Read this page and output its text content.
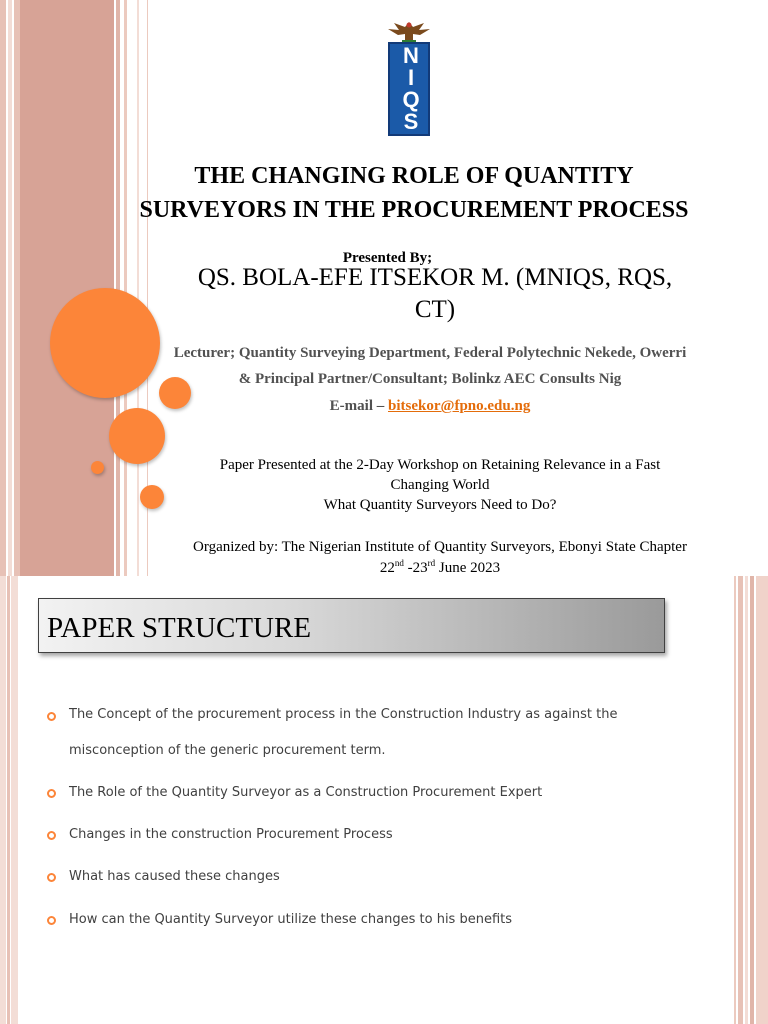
N
I
Q
S
THE CHANGING ROLE OF QUANTITY
SURVEYORS IN THE PROCUREMENT PROCESS
Presented By;
QS. BOLA-EFE ITSEKOR M. (MNIQS, RQS,
CT)
Lecturer; Quantity Surveying Department, Federal Polytechnic Nekede, Owerri
& Principal Partner/Consultant; Bolinkz AEC Consults Nig
E-mail – bitsekor@fpno.edu.ng
Paper Presented at the 2-Day Workshop on Retaining Relevance in a Fast
Changing World
What Quantity Surveyors Need to Do?
Organized by: The Nigerian Institute of Quantity Surveyors, Ebonyi State Chapter
22nd -23rd June 2023
PAPER STRUCTURE
The Concept of the procurement process in the Construction Industry as against the
misconception of the generic procurement term.
The Role of the Quantity Surveyor as a Construction Procurement Expert
Changes in the construction Procurement Process
What has caused these changes
How can the Quantity Surveyor utilize these changes to his benefits
